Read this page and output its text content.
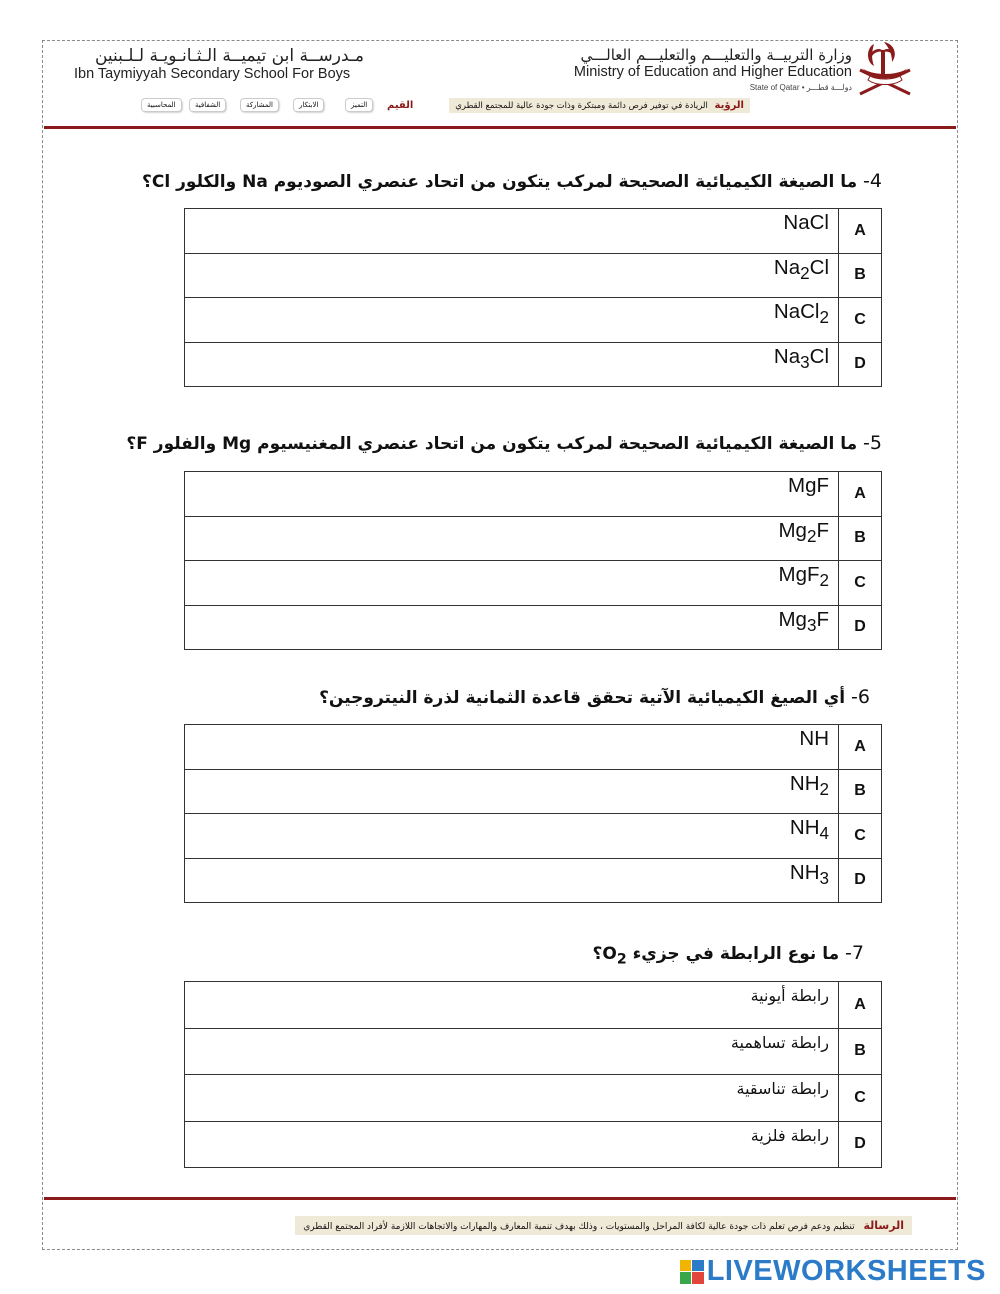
مـدرســة ابن تيميــة الـثـانـويـة لـلـبنين
Ibn Taymiyyah Secondary School For Boys
وزارة التربيــة والتعليـــم والتعليـــم العالـــي
Ministry of Education and Higher Education
State of Qatar • دولـــة قطـــر
الرؤية الريادة في توفير فرص دائمة ومبتكرة وذات جودة عالية للمجتمع القطري
القيم
التميز
الابتكار
المشاركة
الشفافية
المحاسبية
4- ما الصيغة الكيميائية الصحيحة لمركب يتكون من اتحاد عنصري الصوديوم Na والكلور Cl؟
A	NaCl
B	$Na_2Cl$
C	NaCl$_2$
D	$Na_3Cl$
5- ما الصيغة الكيميائية الصحيحة لمركب يتكون من اتحاد عنصري المغنيسيوم Mg والفلور F؟
A	MgF
B	$Mg_2F$
C	MgF$_2$
D	$Mg_3F$
6- أي الصيغ الكيميائية الآتية تحقق قاعدة الثمانية لذرة النيتروجين؟
A	NH
B	$NH_2$
C	$NH_4$
D	$NH_3$
7- ما نوع الرابطة في جزيء $O_2؟$
A	رابطة أيونية
B	رابطة تساهمية
C	رابطة تناسقية
D	رابطة فلزية
الرسالة تنظيم ودعم فرص تعلم ذات جودة عالية لكافة المراحل والمستويات ، وذلك بهدف تنمية المعارف والمهارات والاتجاهات اللازمة لأفراد المجتمع القطري
LIVEWORKSHEETS
